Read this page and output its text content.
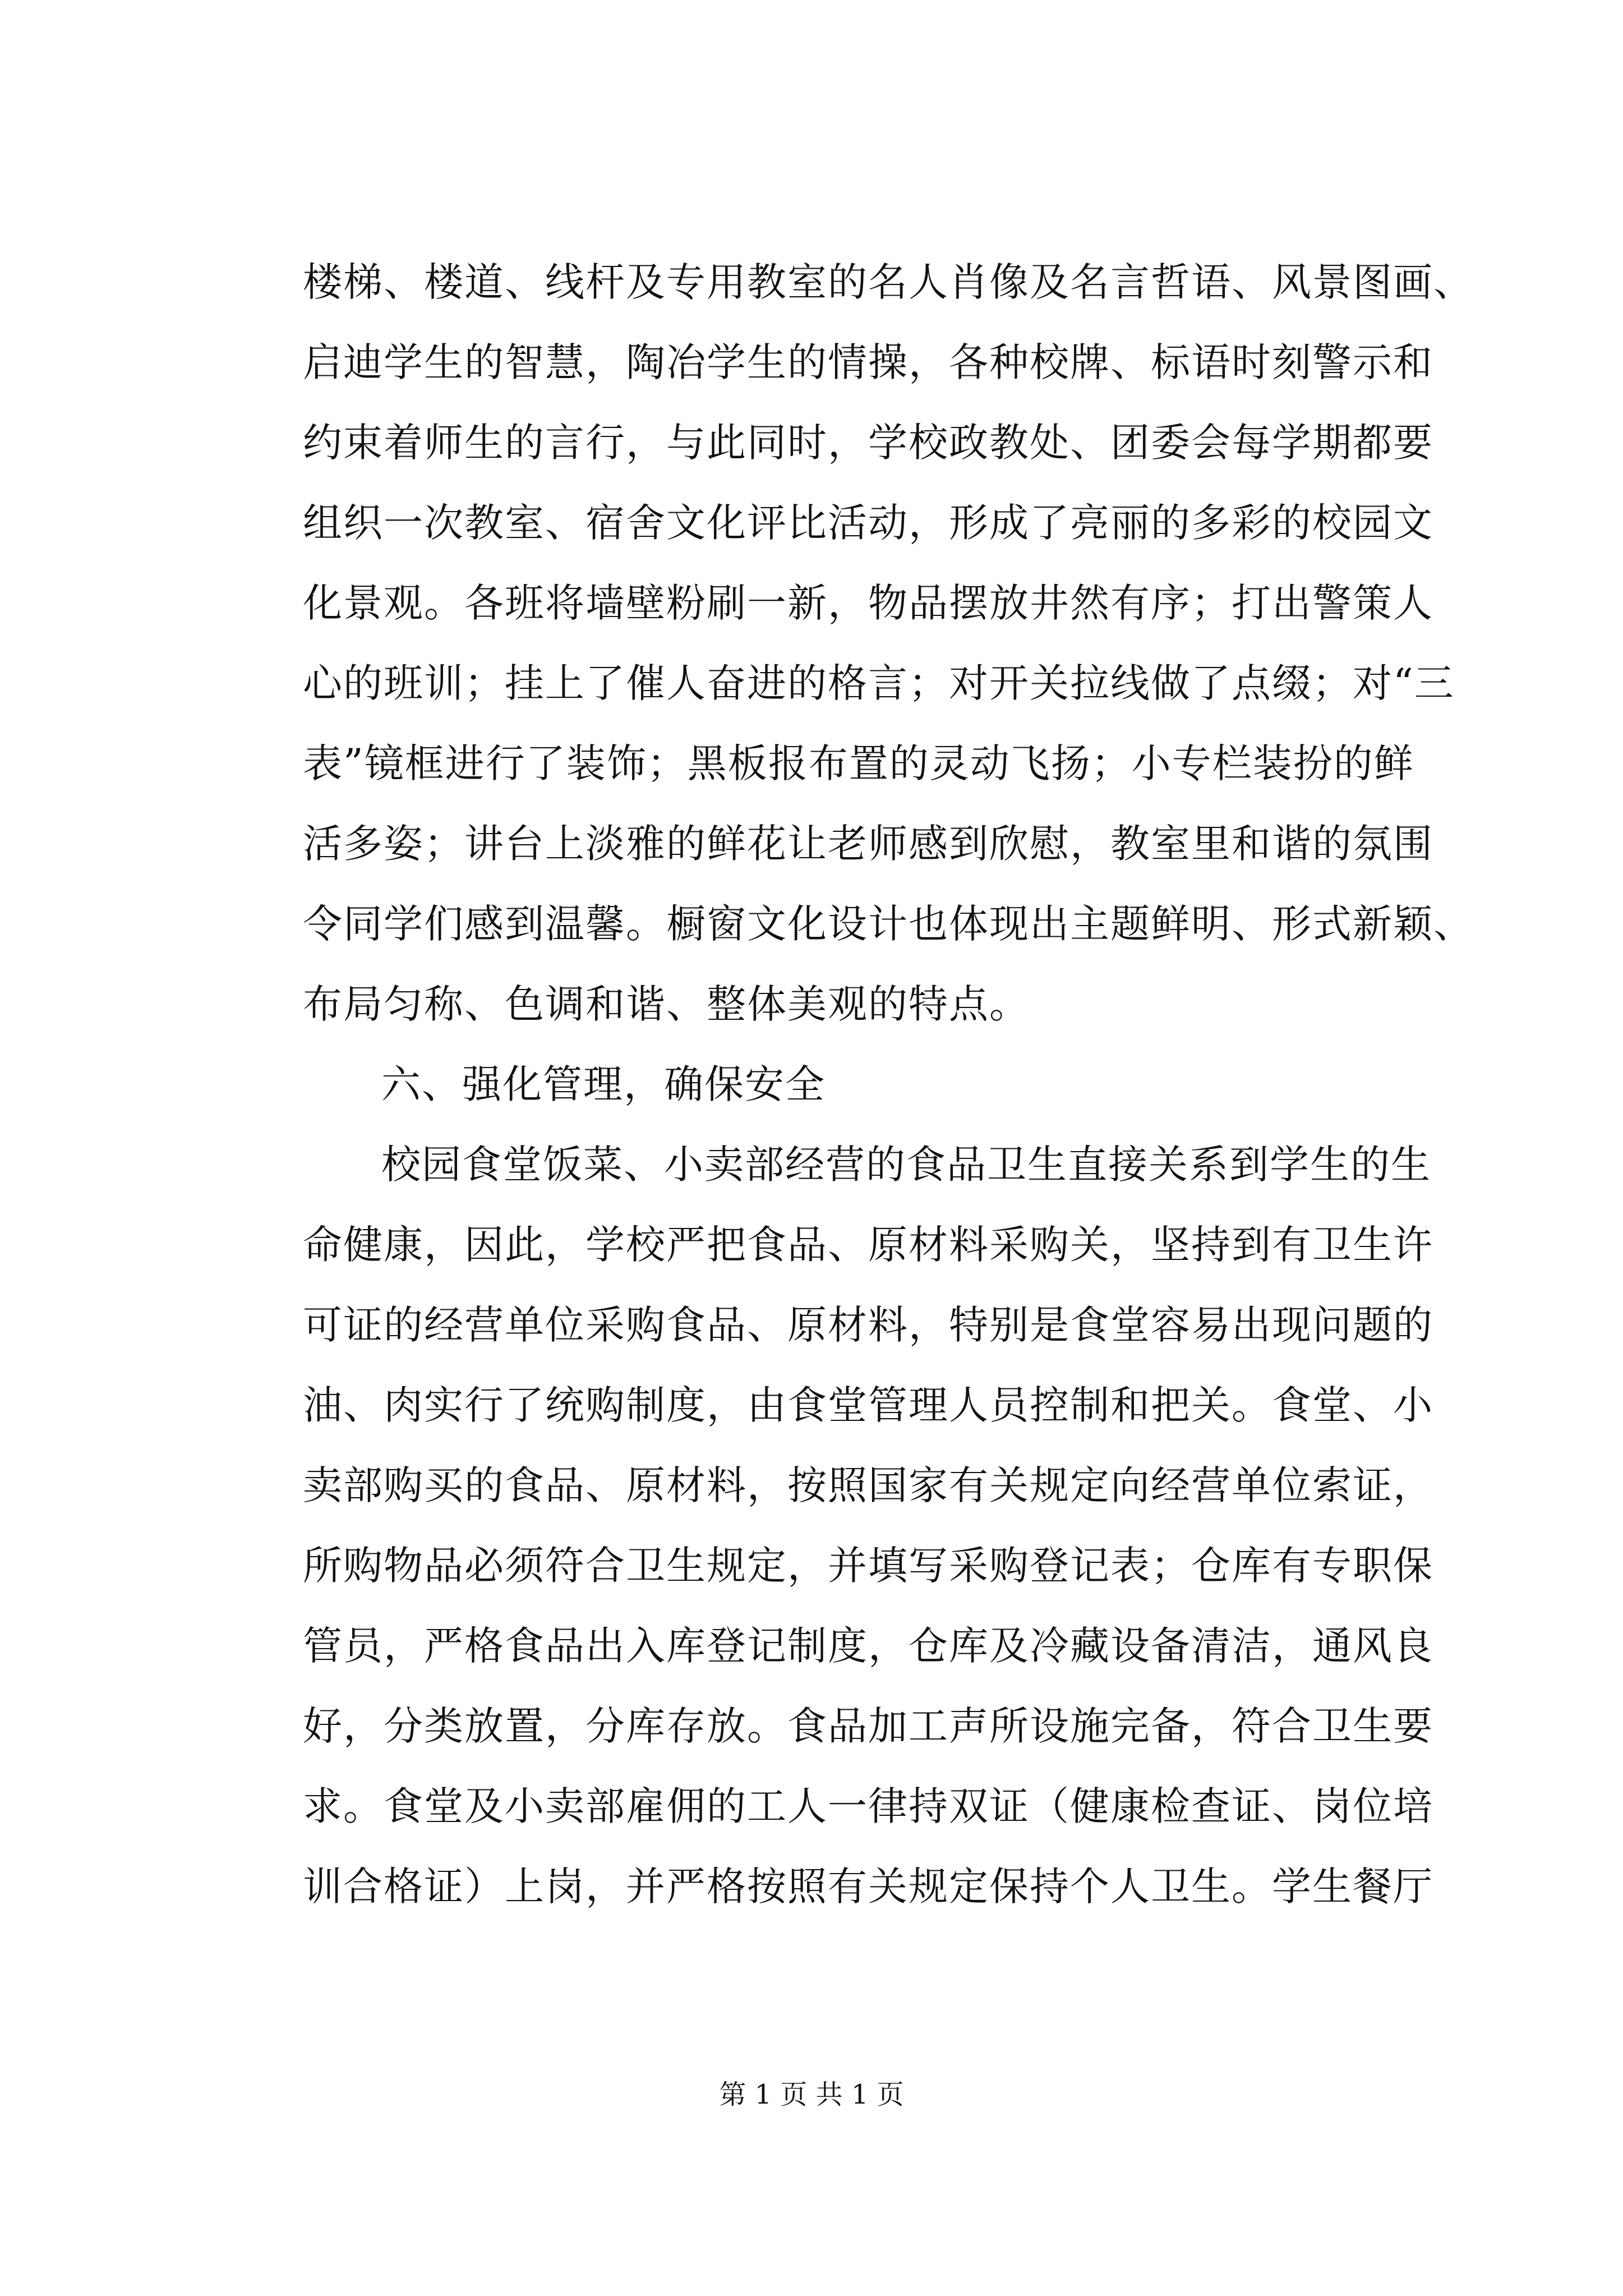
楼梯、楼道、线杆及专用教室的名人肖像及名言哲语、风景图画、
启迪学生的智慧，陶冶学生的情操，各种校牌、标语时刻警示和
约束着师生的言行，与此同时，学校政教处、团委会每学期都要
组织一次教室、宿舍文化评比活动，形成了亮丽的多彩的校园文
化景观。各班将墙壁粉刷一新，物品摆放井然有序；打出警策人
心的班训；挂上了催人奋进的格言；对开关拉线做了点缀；对“三
表”镜框进行了装饰；黑板报布置的灵动飞扬；小专栏装扮的鲜
活多姿；讲台上淡雅的鲜花让老师感到欣慰，教室里和谐的氛围
令同学们感到温馨。橱窗文化设计也体现出主题鲜明、形式新颖、
布局匀称、色调和谐、整体美观的特点。
六、强化管理，确保安全
校园食堂饭菜、小卖部经营的食品卫生直接关系到学生的生
命健康，因此，学校严把食品、原材料采购关，坚持到有卫生许
可证的经营单位采购食品、原材料，特别是食堂容易出现问题的
油、肉实行了统购制度，由食堂管理人员控制和把关。食堂、小
卖部购买的食品、原材料，按照国家有关规定向经营单位索证，
所购物品必须符合卫生规定，并填写采购登记表；仓库有专职保
管员，严格食品出入库登记制度，仓库及冷藏设备清洁，通风良
好，分类放置，分库存放。食品加工声所设施完备，符合卫生要
求。食堂及小卖部雇佣的工人一律持双证（健康检查证、岗位培
训合格证）上岗，并严格按照有关规定保持个人卫生。学生餐厅
第 1 页 共 1 页
